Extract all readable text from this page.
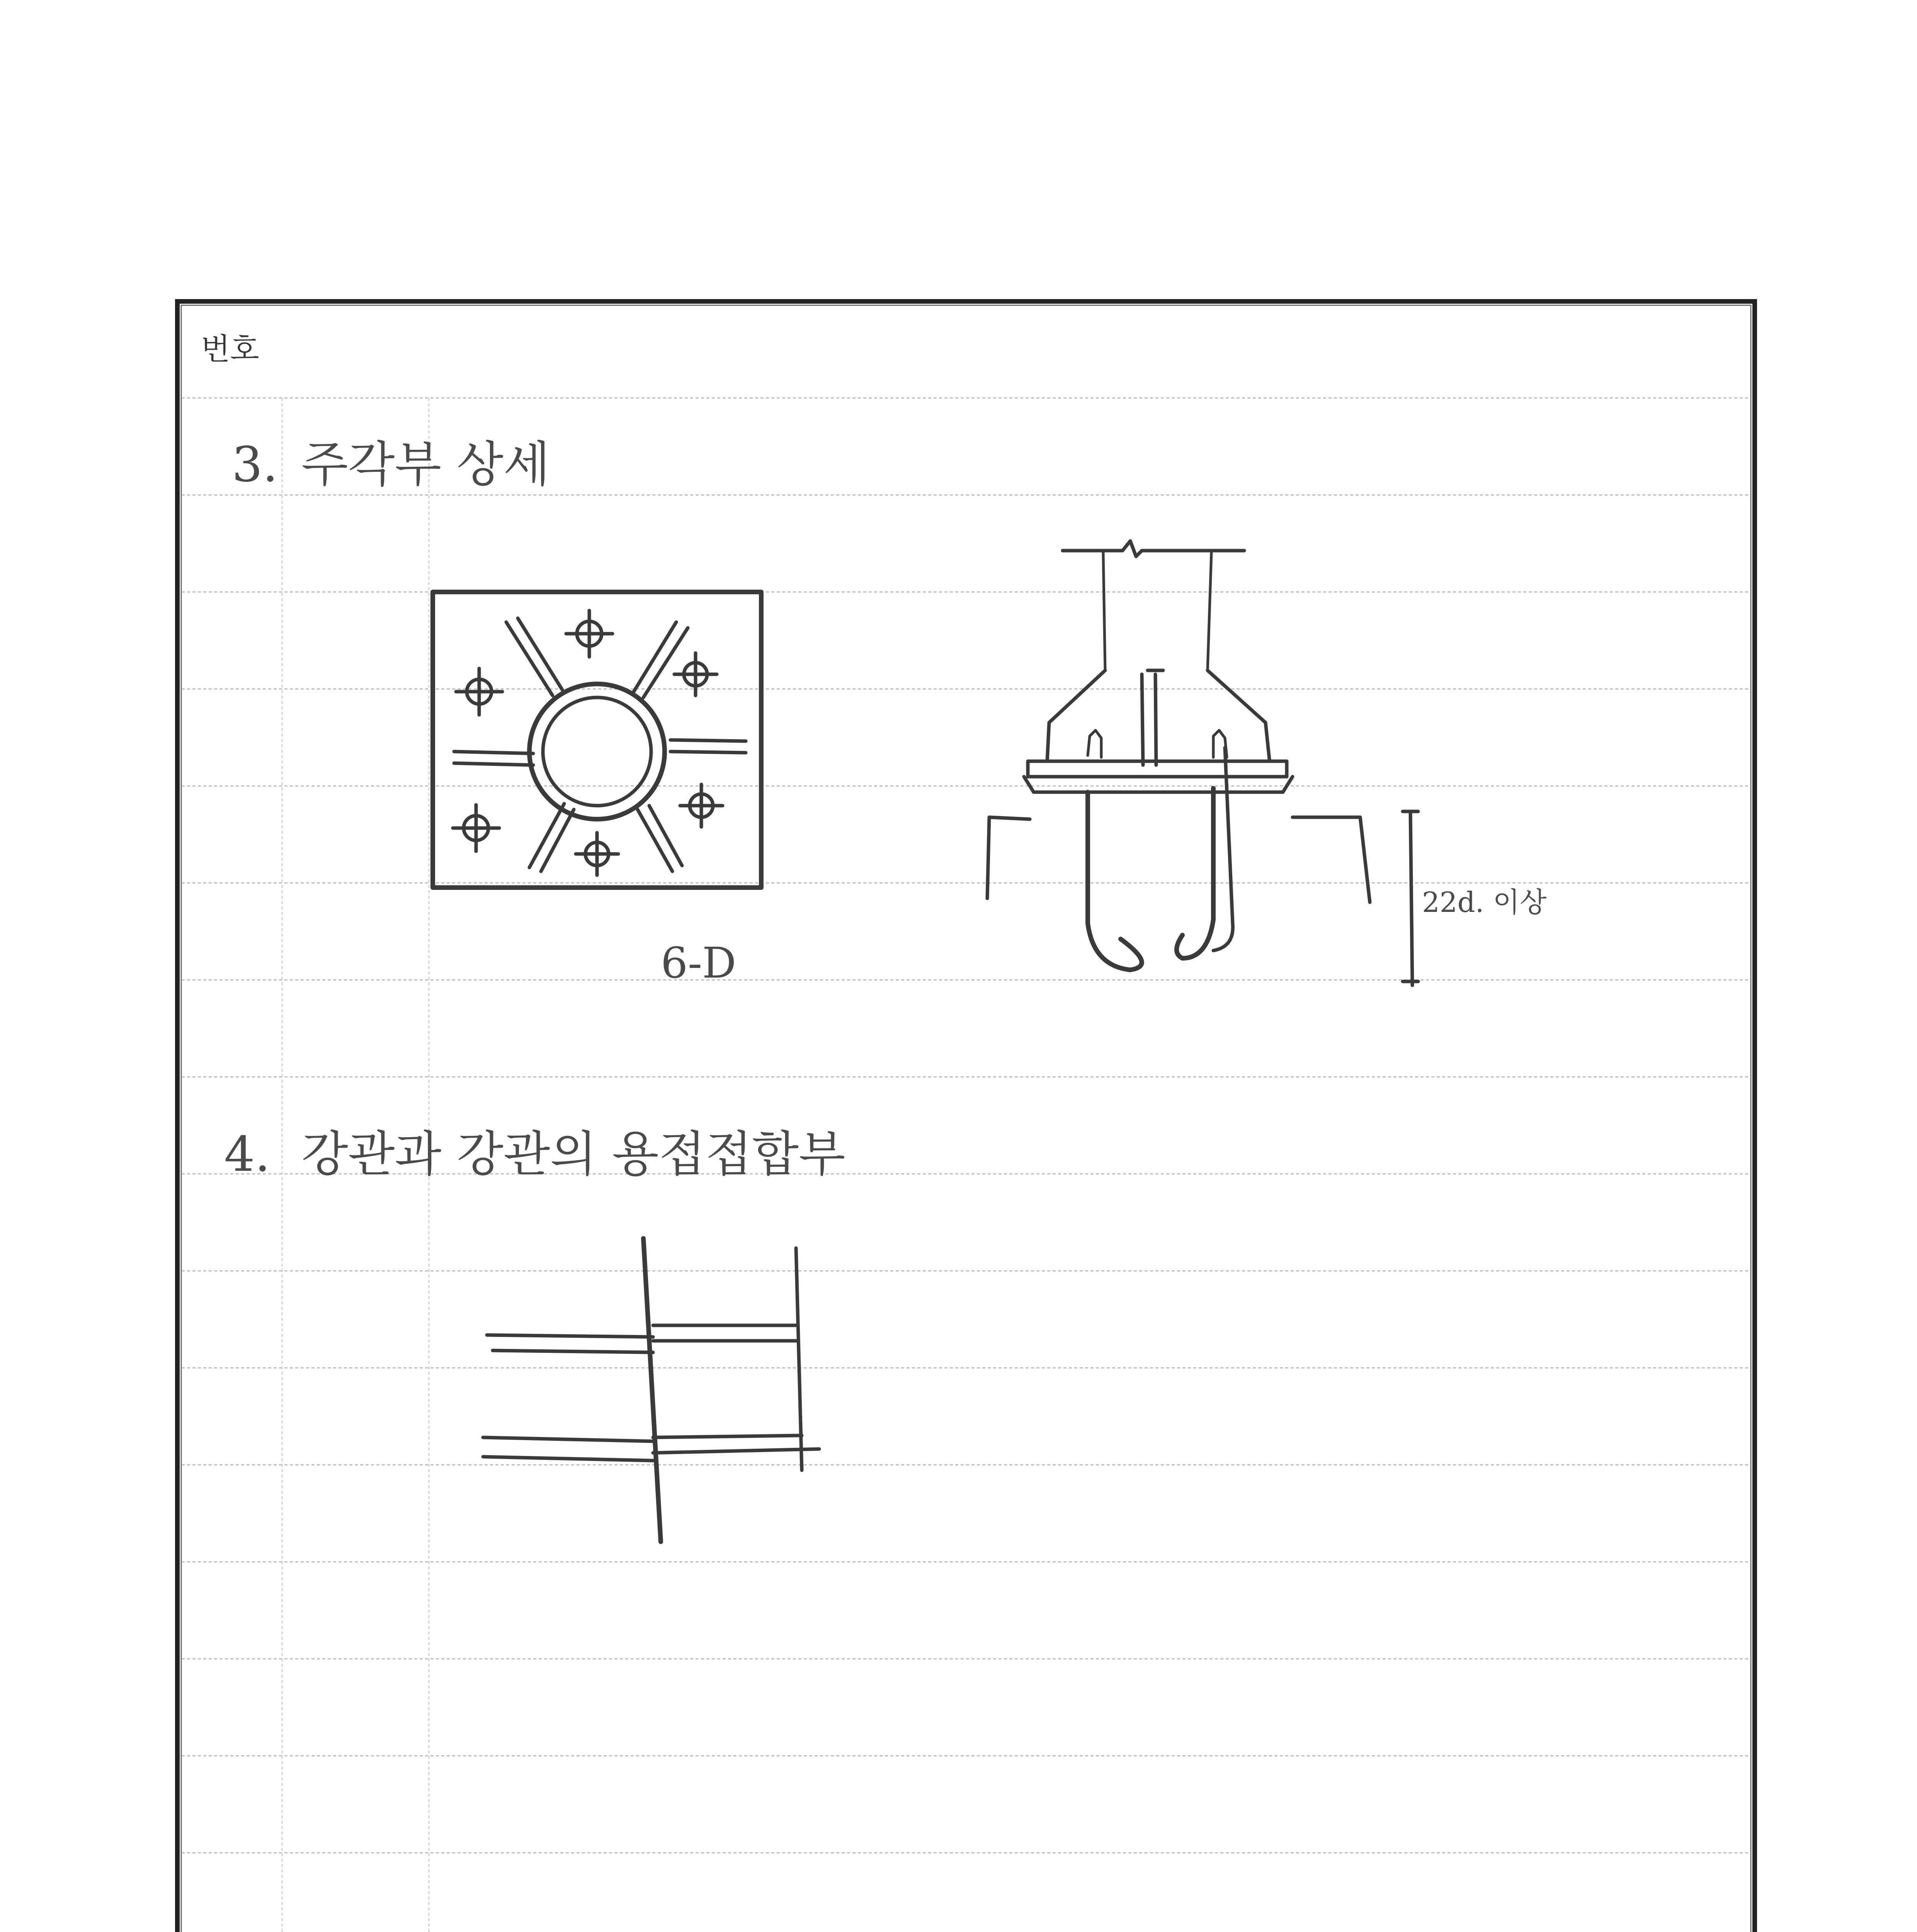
번호
3. 주각부 상세
6-D
22d. 이상
4. 강관과 강관의 용접접합부
